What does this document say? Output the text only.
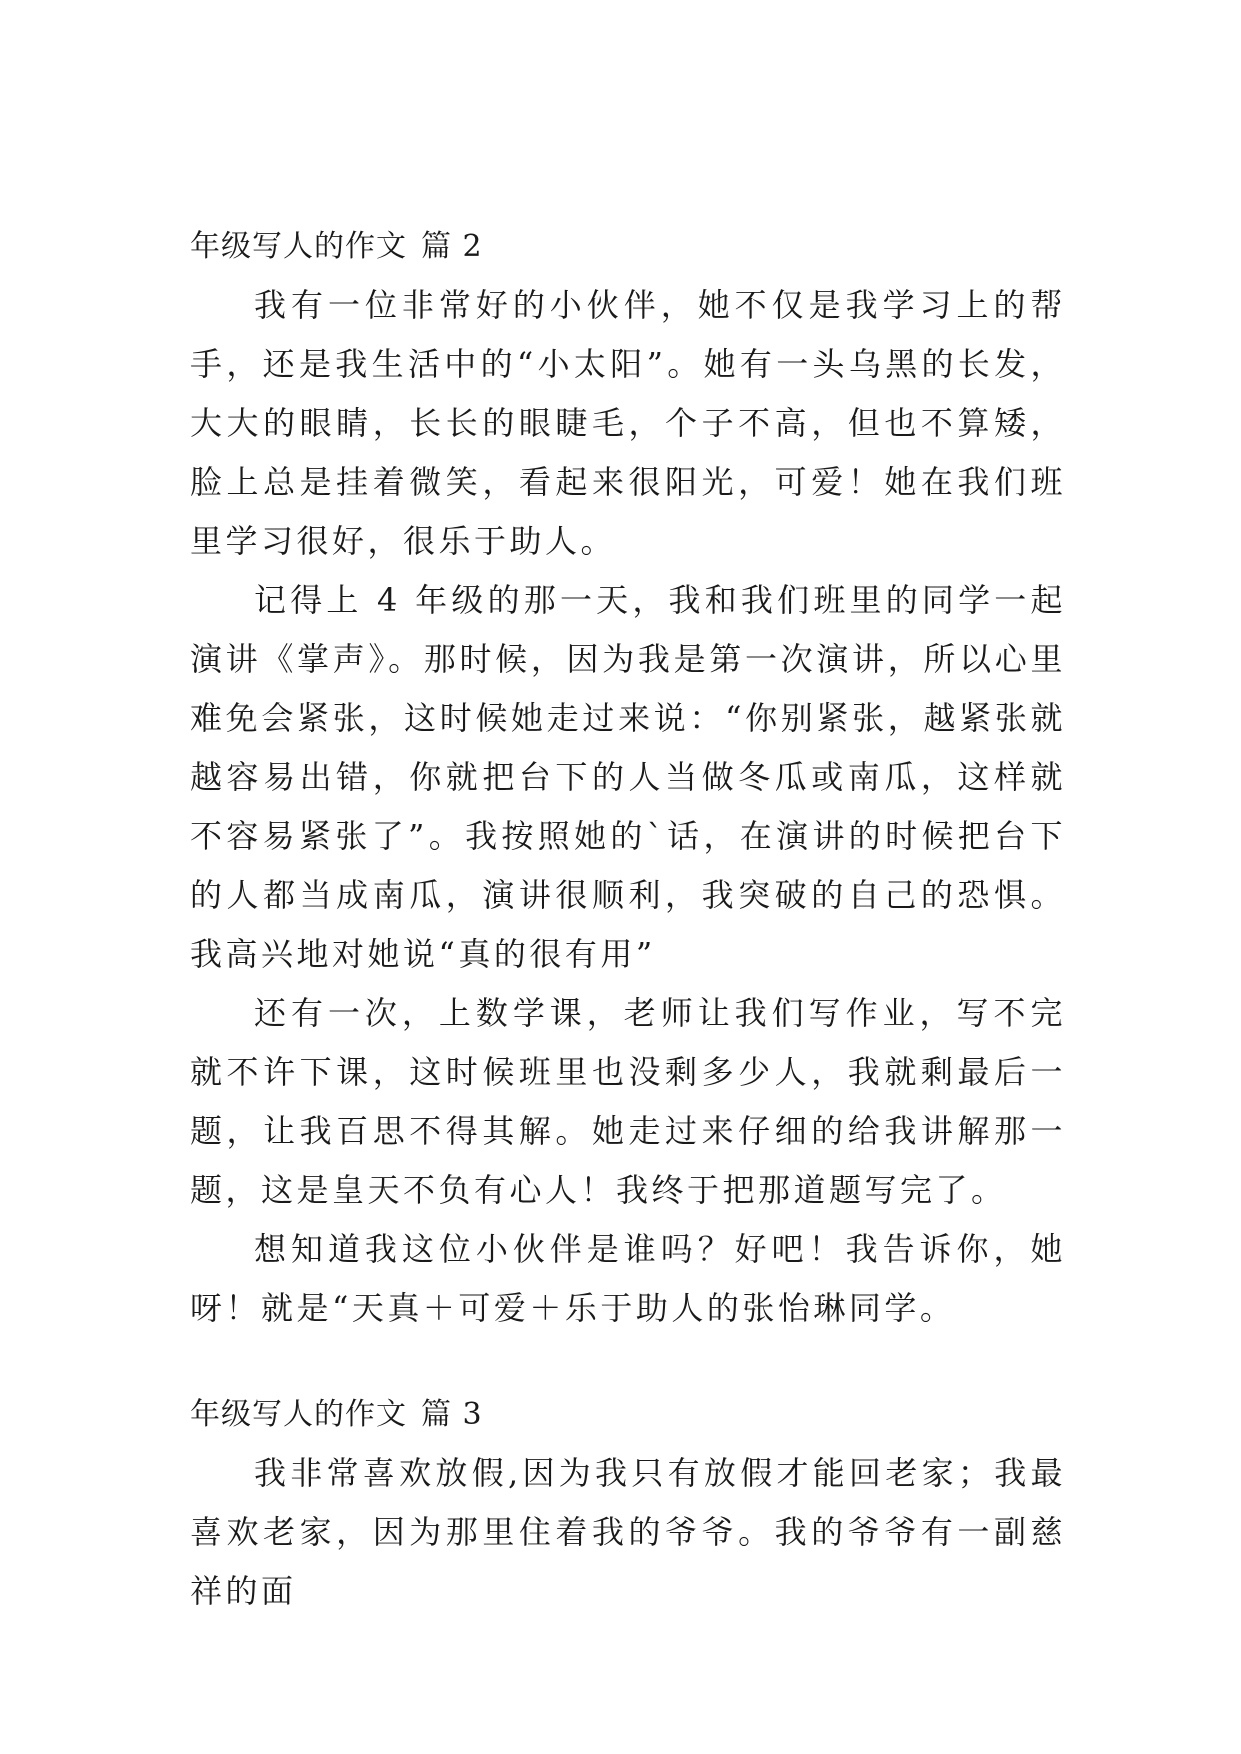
年级写人的作文 篇 2

我有一位非常好的小伙伴，她不仅是我学习上的帮手，还是我生活中的“小太阳”。她有一头乌黑的长发，大大的眼睛，长长的眼睫毛，个子不高，但也不算矮，脸上总是挂着微笑，看起来很阳光，可爱！她在我们班里学习很好，很乐于助人。

记得上 4 年级的那一天，我和我们班里的同学一起演讲《掌声》。那时候，因为我是第一次演讲，所以心里难免会紧张，这时候她走过来说：“你别紧张，越紧张就越容易出错，你就把台下的人当做冬瓜或南瓜，这样就不容易紧张了”。我按照她的`话，在演讲的时候把台下的人都当成南瓜，演讲很顺利，我突破的自己的恐惧。我高兴地对她说“真的很有用”

还有一次，上数学课，老师让我们写作业，写不完就不许下课，这时候班里也没剩多少人，我就剩最后一题，让我百思不得其解。她走过来仔细的给我讲解那一题，这是皇天不负有心人！我终于把那道题写完了。

想知道我这位小伙伴是谁吗？好吧！我告诉你，她呀！就是“天真＋可爱＋乐于助人的张怡琳同学。

年级写人的作文 篇 3

我非常喜欢放假,因为我只有放假才能回老家；我最喜欢老家，因为那里住着我的爷爷。我的爷爷有一副慈祥的面
